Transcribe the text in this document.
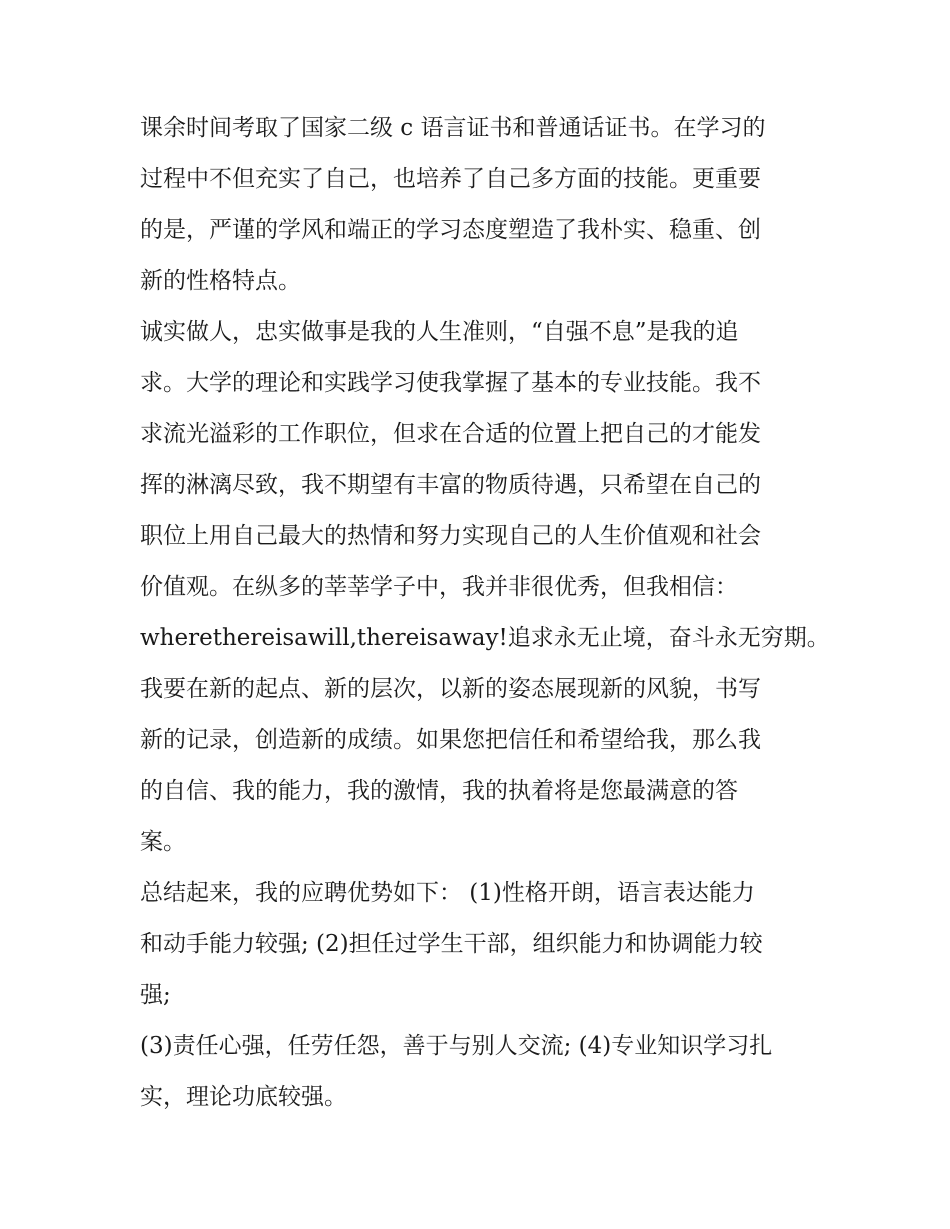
课余时间考取了国家二级 c 语言证书和普通话证书。在学习的
过程中不但充实了自己，也培养了自己多方面的技能。更重要
的是，严谨的学风和端正的学习态度塑造了我朴实、稳重、创
新的性格特点。
诚实做人，忠实做事是我的人生准则，“自强不息”是我的追
求。大学的理论和实践学习使我掌握了基本的专业技能。我不
求流光溢彩的工作职位，但求在合适的位置上把自己的才能发
挥的淋漓尽致，我不期望有丰富的物质待遇，只希望在自己的
职位上用自己最大的热情和努力实现自己的人生价值观和社会
价值观。在纵多的莘莘学子中，我并非很优秀，但我相信：
wherethereisawill,thereisaway!追求永无止境，奋斗永无穷期。
我要在新的起点、新的层次，以新的姿态展现新的风貌，书写
新的记录，创造新的成绩。如果您把信任和希望给我，那么我
的自信、我的能力，我的激情，我的执着将是您最满意的答
案。
总结起来，我的应聘优势如下： (1)性格开朗，语言表达能力
和动手能力较强; (2)担任过学生干部，组织能力和协调能力较
强;
(3)责任心强，任劳任怨，善于与别人交流; (4)专业知识学习扎
实，理论功底较强。
